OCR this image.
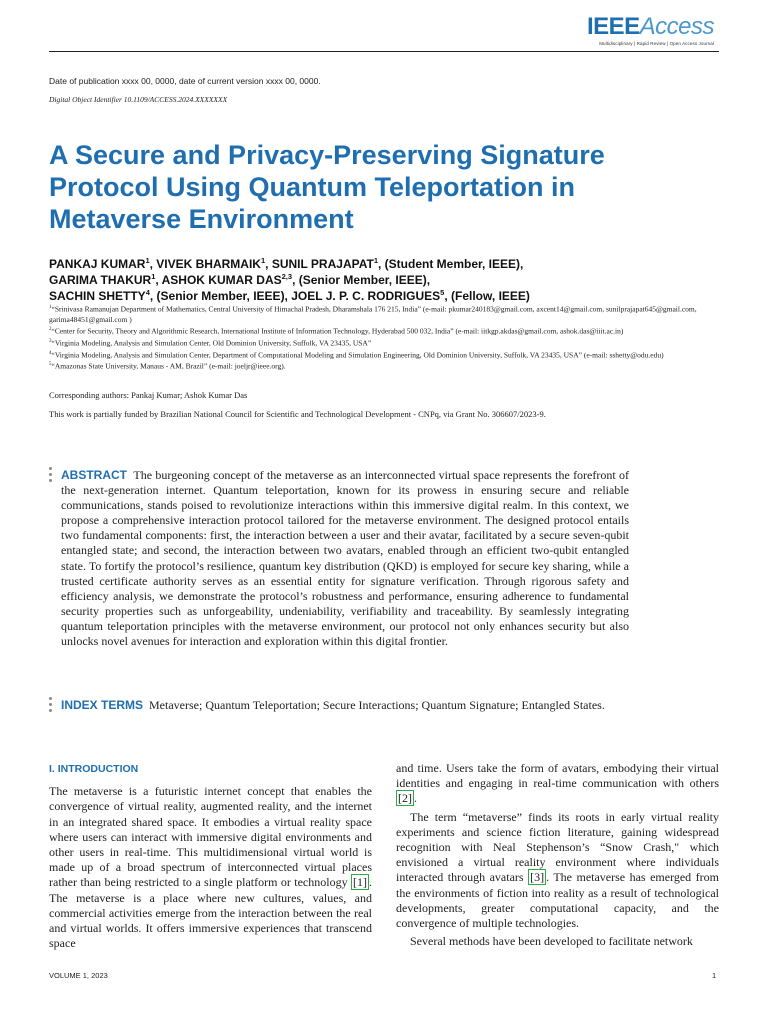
IEEEAccess
Multidisciplinary | Rapid Review | Open Access Journal
Date of publication xxxx 00, 0000, date of current version xxxx 00, 0000.
Digital Object Identifier 10.1109/ACCESS.2024.XXXXXXX
A Secure and Privacy-Preserving Signature Protocol Using Quantum Teleportation in Metaverse Environment
PANKAJ KUMAR$^1$, VIVEK BHARMAIK$^1$, SUNIL PRAJAPAT$^1$, (Student Member, IEEE),
GARIMA THAKUR$^1$, ASHOK KUMAR DAS$^{2,3}$, (Senior Member, IEEE),
SACHIN SHETTY$^4$, (Senior Member, IEEE), JOEL J. P. C. RODRIGUES$^5$, (Fellow, IEEE)

$^1$“Srinivasa Ramanujan Department of Mathematics, Central University of Himachal Pradesh, Dharamshala 176 215, India” (e-mail: pkumar240183@gmail.com, axcent14@gmail.com, sunilprajapat645@gmail.com, garima48451@gmail.com )

$^2$“Center for Security, Theory and Algorithmic Research, International Institute of Information Technology, Hyderabad 500 032, India” (e-mail: iitkgp.akdas@gmail.com, ashok.das@iiit.ac.in)

$^3$“Virginia Modeling, Analysis and Simulation Center, Old Dominion University, Suffolk, VA 23435, USA”

$^4$“Virginia Modeling, Analysis and Simulation Center, Department of Computational Modeling and Simulation Engineering, Old Dominion University, Suffolk, VA 23435, USA” (e-mail: sshetty@odu.edu)

$^5$“Amazonas State University, Manaus - AM, Brazil” (e-mail: joeljr@ieee.org).

Corresponding authors: Pankaj Kumar; Ashok Kumar Das
This work is partially funded by Brazilian National Council for Scientific and Technological Development - CNPq, via Grant No. 306607/2023-9.
ABSTRACT The burgeoning concept of the metaverse as an interconnected virtual space represents the forefront of the next-generation internet. Quantum teleportation, known for its prowess in ensuring secure and reliable communications, stands poised to revolutionize interactions within this immersive digital realm. In this context, we propose a comprehensive interaction protocol tailored for the metaverse environment. The designed protocol entails two fundamental components: first, the interaction between a user and their avatar, facilitated by a secure seven-qubit entangled state; and second, the interaction between two avatars, enabled through an efficient two-qubit entangled state. To fortify the protocol’s resilience, quantum key distribution (QKD) is employed for secure key sharing, while a trusted certificate authority serves as an essential entity for signature verification. Through rigorous safety and efficiency analysis, we demonstrate the protocol’s robustness and performance, ensuring adherence to fundamental security properties such as unforgeability, undeniability, verifiability and traceability. By seamlessly integrating quantum teleportation principles with the metaverse environment, our protocol not only enhances security but also unlocks novel avenues for interaction and exploration within this digital frontier.
INDEX TERMS Metaverse; Quantum Teleportation; Secure Interactions; Quantum Signature; Entangled States.
I. INTRODUCTION

The metaverse is a futuristic internet concept that enables the convergence of virtual reality, augmented reality, and the internet in an integrated shared space. It embodies a virtual reality space where users can interact with immersive digital environments and other users in real-time. This multidimensional virtual world is made up of a broad spectrum of interconnected virtual places rather than being restricted to a single platform or technology [1] . The metaverse is a place where new cultures, values, and commercial activities emerge from the interaction between the real and virtual worlds. It offers immersive experiences that transcend space

and time. Users take the form of avatars, embodying their virtual identities and engaging in real-time communication with others [2] .

The term “metaverse” finds its roots in early virtual reality experiments and science fiction literature, gaining widespread recognition with Neal Stephenson’s “Snow Crash," which envisioned a virtual reality environment where individuals interacted through avatars [3] . The metaverse has emerged from the environments of fiction into reality as a result of technological developments, greater computational capacity, and the convergence of multiple technologies.

Several methods have been developed to facilitate network

VOLUME 1, 2023	1
